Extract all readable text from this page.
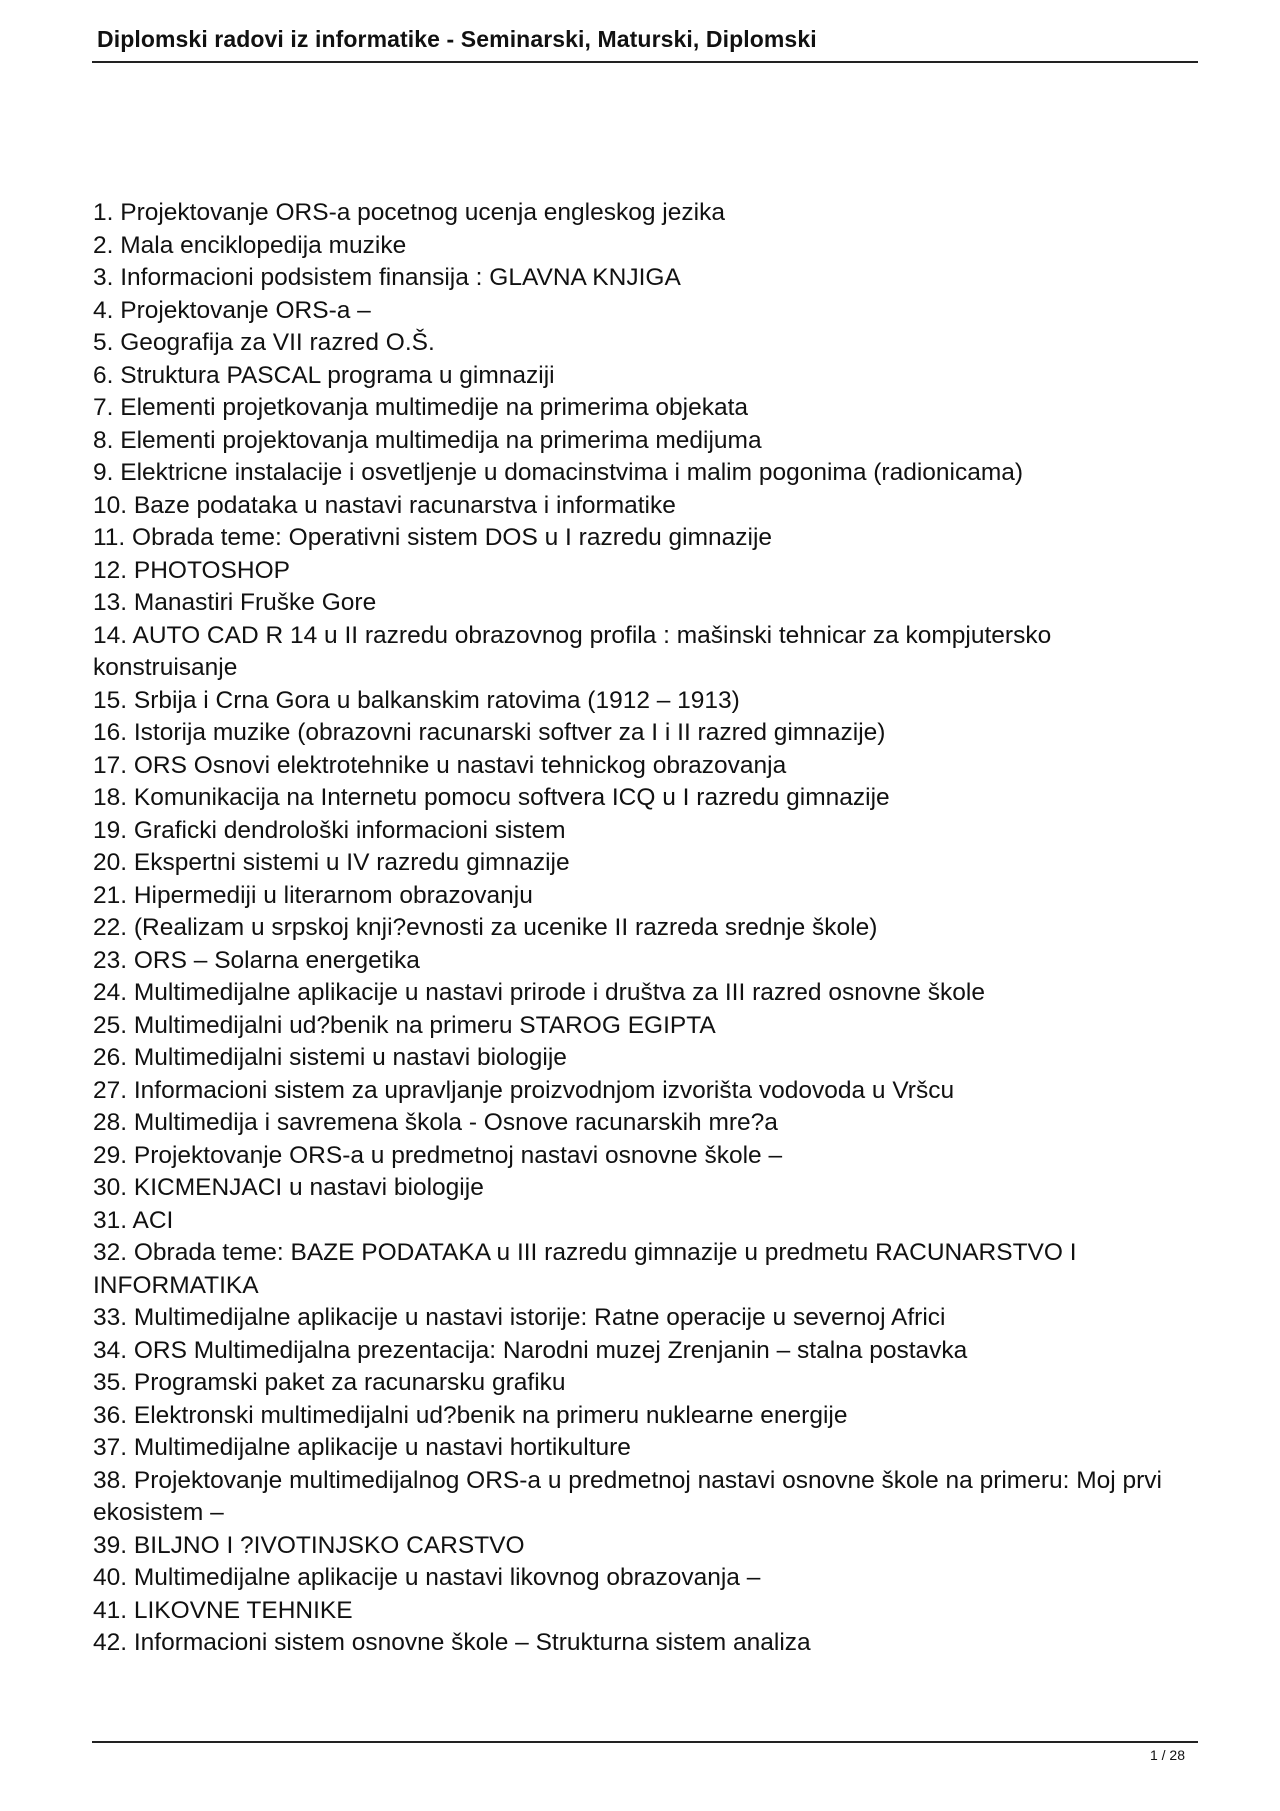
Diplomski radovi iz informatike - Seminarski, Maturski, Diplomski
1. Projektovanje ORS-a pocetnog ucenja engleskog jezika
2. Mala enciklopedija muzike
3. Informacioni podsistem finansija : GLAVNA KNJIGA
4. Projektovanje ORS-a –
5. Geografija za VII razred O.Š.
6. Struktura PASCAL programa u gimnaziji
7. Elementi projetkovanja multimedije na primerima objekata
8. Elementi projektovanja multimedija na primerima medijuma
9. Elektricne instalacije i osvetljenje u domacinstvima i malim pogonima (radionicama)
10. Baze podataka u nastavi racunarstva i informatike
11. Obrada teme: Operativni sistem DOS u I razredu gimnazije
12. PHOTOSHOP
13. Manastiri Fruške Gore
14. AUTO CAD R 14 u II razredu obrazovnog profila : mašinski tehnicar za kompjutersko konstruisanje
15. Srbija i Crna Gora u balkanskim ratovima (1912 – 1913)
16. Istorija muzike (obrazovni racunarski softver za I i II razred gimnazije)
17. ORS Osnovi elektrotehnike u nastavi tehnickog obrazovanja
18. Komunikacija na Internetu pomocu softvera ICQ u I razredu gimnazije
19. Graficki dendrološki informacioni sistem
20. Ekspertni sistemi u IV razredu gimnazije
21. Hipermediji u literarnom obrazovanju
22. (Realizam u srpskoj knji?evnosti za ucenike II razreda srednje škole)
23. ORS – Solarna energetika
24. Multimedijalne aplikacije u nastavi prirode i društva za III razred osnovne škole
25. Multimedijalni ud?benik na primeru STAROG EGIPTA
26. Multimedijalni sistemi u nastavi biologije
27. Informacioni sistem za upravljanje proizvodnjom izvorišta vodovoda u Vršcu
28. Multimedija i savremena škola - Osnove racunarskih mre?a
29. Projektovanje ORS-a u predmetnoj nastavi osnovne škole –
30. KICMENJACI u nastavi biologije
31. ACI
32. Obrada teme: BAZE PODATAKA u III razredu gimnazije u predmetu RACUNARSTVO I INFORMATIKA
33. Multimedijalne aplikacije u nastavi istorije: Ratne operacije u severnoj Africi
34. ORS Multimedijalna prezentacija: Narodni muzej Zrenjanin – stalna postavka
35. Programski paket za racunarsku grafiku
36. Elektronski multimedijalni ud?benik na primeru nuklearne energije
37. Multimedijalne aplikacije u nastavi hortikulture
38. Projektovanje multimedijalnog ORS-a u predmetnoj nastavi osnovne škole na primeru: Moj prvi ekosistem –
39. BILJNO I ?IVOTINJSKO CARSTVO
40. Multimedijalne aplikacije u nastavi likovnog obrazovanja –
41. LIKOVNE TEHNIKE
42. Informacioni sistem osnovne škole – Strukturna sistem analiza
1 / 28
